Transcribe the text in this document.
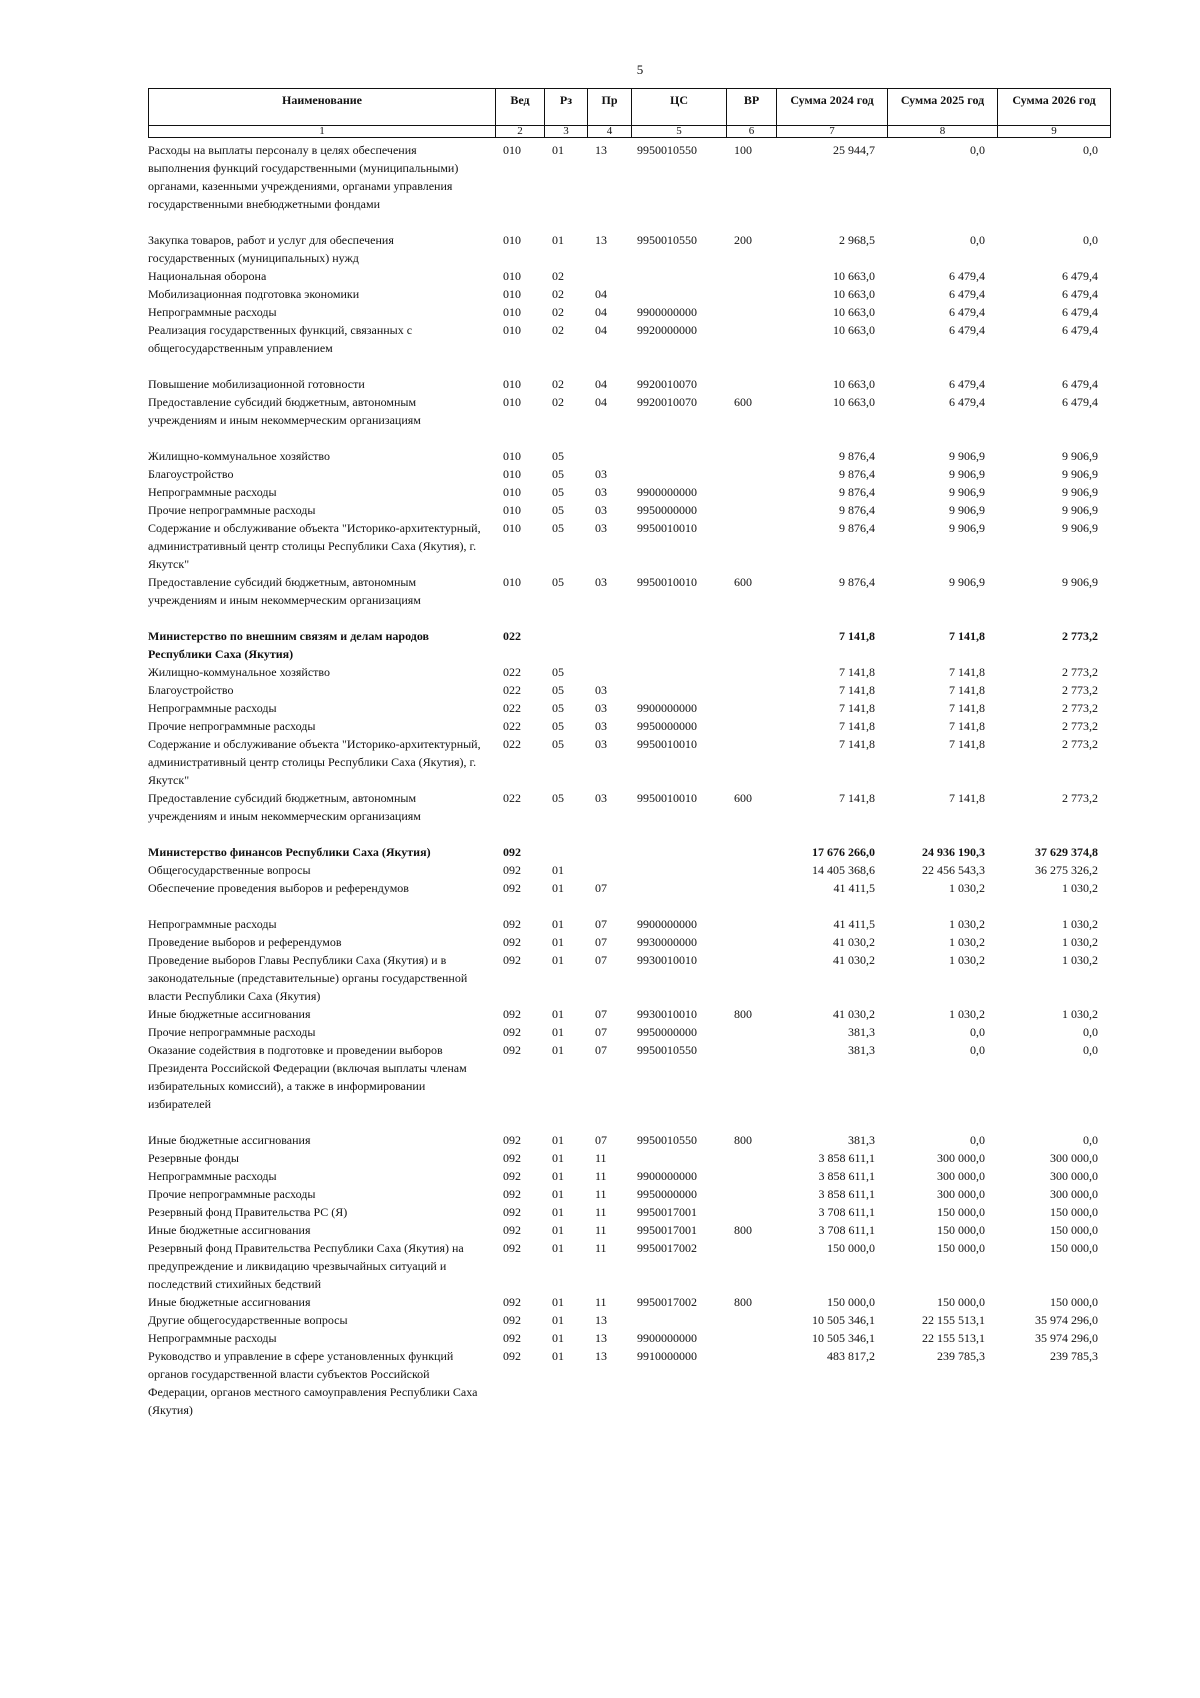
5
Наименование	Вед	Рз	Пр	ЦС	ВР	Сумма 2024 год	Сумма 2025 год	Сумма 2026 год
1	2	3	4	5	6	7	8	9
Расходы на выплаты персоналу в целях обеспечения выполнения функций государственными (муниципальными) органами, казенными учреждениями, органами управления государственными внебюджетными фондами	010	01	13	9950010550	100	25 944,7	0,0	0,0
Закупка товаров, работ и услуг для обеспечения государственных (муниципальных) нужд	010	01	13	9950010550	200	2 968,5	0,0	0,0
Национальная оборона	010	02				10 663,0	6 479,4	6 479,4
Мобилизационная подготовка экономики	010	02	04			10 663,0	6 479,4	6 479,4
Непрограммные расходы	010	02	04	9900000000		10 663,0	6 479,4	6 479,4
Реализация государственных функций, связанных с общегосударственным управлением	010	02	04	9920000000		10 663,0	6 479,4	6 479,4
Повышение мобилизационной готовности	010	02	04	9920010070		10 663,0	6 479,4	6 479,4
Предоставление субсидий бюджетным, автономным учреждениям и иным некоммерческим организациям	010	02	04	9920010070	600	10 663,0	6 479,4	6 479,4
Жилищно-коммунальное хозяйство	010	05				9 876,4	9 906,9	9 906,9
Благоустройство	010	05	03			9 876,4	9 906,9	9 906,9
Непрограммные расходы	010	05	03	9900000000		9 876,4	9 906,9	9 906,9
Прочие непрограммные расходы	010	05	03	9950000000		9 876,4	9 906,9	9 906,9
Содержание и обслуживание объекта "Историко-архитектурный, административный центр столицы Республики Саха (Якутия), г. Якутск"	010	05	03	9950010010		9 876,4	9 906,9	9 906,9
Предоставление субсидий бюджетным, автономным учреждениям и иным некоммерческим организациям	010	05	03	9950010010	600	9 876,4	9 906,9	9 906,9
Министерство по внешним связям и делам народов Республики Саха (Якутия)	022					7 141,8	7 141,8	2 773,2
Жилищно-коммунальное хозяйство	022	05				7 141,8	7 141,8	2 773,2
Благоустройство	022	05	03			7 141,8	7 141,8	2 773,2
Непрограммные расходы	022	05	03	9900000000		7 141,8	7 141,8	2 773,2
Прочие непрограммные расходы	022	05	03	9950000000		7 141,8	7 141,8	2 773,2
Содержание и обслуживание объекта "Историко-архитектурный, административный центр столицы Республики Саха (Якутия), г. Якутск"	022	05	03	9950010010		7 141,8	7 141,8	2 773,2
Предоставление субсидий бюджетным, автономным учреждениям и иным некоммерческим организациям	022	05	03	9950010010	600	7 141,8	7 141,8	2 773,2
Министерство финансов Республики Саха (Якутия)	092					17 676 266,0	24 936 190,3	37 629 374,8
Общегосударственные вопросы	092	01				14 405 368,6	22 456 543,3	36 275 326,2
Обеспечение проведения выборов и референдумов	092	01	07			41 411,5	1 030,2	1 030,2
Непрограммные расходы	092	01	07	9900000000		41 411,5	1 030,2	1 030,2
Проведение выборов и референдумов	092	01	07	9930000000		41 030,2	1 030,2	1 030,2
Проведение выборов Главы Республики Саха (Якутия) и в законодательные (представительные) органы государственной власти Республики Саха (Якутия)	092	01	07	9930010010		41 030,2	1 030,2	1 030,2
Иные бюджетные ассигнования	092	01	07	9930010010	800	41 030,2	1 030,2	1 030,2
Прочие непрограммные расходы	092	01	07	9950000000		381,3	0,0	0,0
Оказание содействия в подготовке и проведении выборов Президента Российской Федерации (включая выплаты членам избирательных комиссий), а также в информировании избирателей	092	01	07	9950010550		381,3	0,0	0,0
Иные бюджетные ассигнования	092	01	07	9950010550	800	381,3	0,0	0,0
Резервные фонды	092	01	11			3 858 611,1	300 000,0	300 000,0
Непрограммные расходы	092	01	11	9900000000		3 858 611,1	300 000,0	300 000,0
Прочие непрограммные расходы	092	01	11	9950000000		3 858 611,1	300 000,0	300 000,0
Резервный фонд Правительства РС (Я)	092	01	11	9950017001		3 708 611,1	150 000,0	150 000,0
Иные бюджетные ассигнования	092	01	11	9950017001	800	3 708 611,1	150 000,0	150 000,0
Резервный фонд Правительства Республики Саха (Якутия) на предупреждение и ликвидацию чрезвычайных ситуаций и последствий стихийных бедствий	092	01	11	9950017002		150 000,0	150 000,0	150 000,0
Иные бюджетные ассигнования	092	01	11	9950017002	800	150 000,0	150 000,0	150 000,0
Другие общегосударственные вопросы	092	01	13			10 505 346,1	22 155 513,1	35 974 296,0
Непрограммные расходы	092	01	13	9900000000		10 505 346,1	22 155 513,1	35 974 296,0
Руководство и управление в сфере установленных функций органов государственной власти субъектов Российской Федерации, органов местного самоуправления Республики Саха (Якутия)	092	01	13	9910000000		483 817,2	239 785,3	239 785,3
